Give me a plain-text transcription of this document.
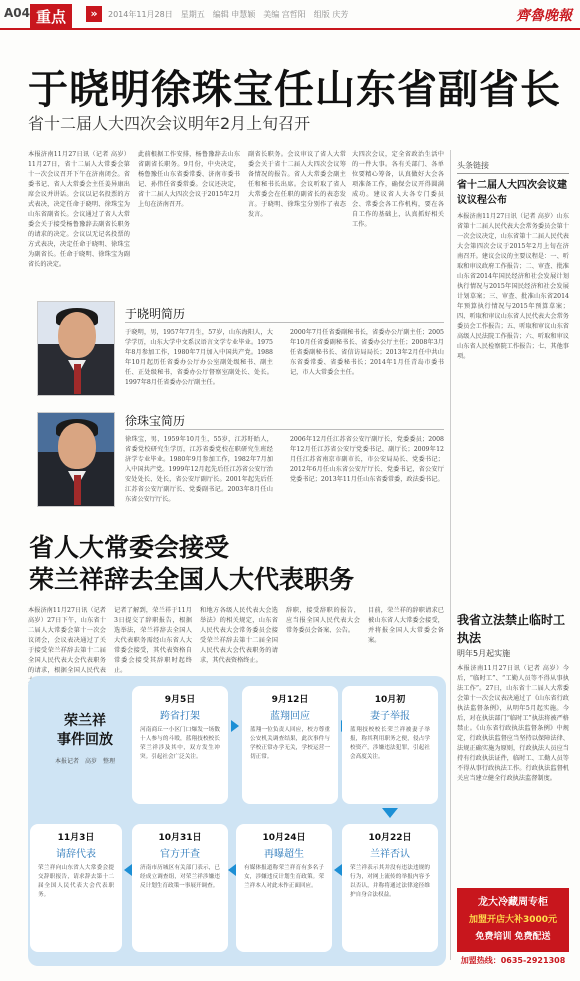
A04 重点	»	2014年11月28日　星期五　编辑 申慧颖　美编 宫哲阳　组版 庆芳	齊魯晚報
于晓明徐珠宝任山东省副省长
省十二届人大四次会议明年2月上旬召开
本报济南11月27日讯（记者 高岁）11月27日，省十二届人大常委会第十一次会议召开下午在济南闭会。省委书记、省人大常委会主任姜异康出席会议并讲话。会议以记名投票的方式表决，决定任命于晓明、徐珠宝为山东省副省长。会议通过了省人大常委会关于接受杨鲁豫辞去副省长职务的请求的决定。会议以无记名投票的方式表决，决定任命于晓明、徐珠宝为副省长。任命于晓明、徐珠宝为副省长的决定。
此前根据工作安排，杨鲁豫辞去山东省副省长职务。9月份，中央决定，杨鲁豫任山东省委常委、济南市委书记、孙伟任省委常委。会议还决定，省十二届人大四次会议于2015年2月上旬在济南召开。
副省长职务。会议审议了省人大常委会关于省十二届人大四次会议筹备情况的报告。省人大常委会副主任和秘书长出席。会议听取了省人大常委会在任职的副省长的表态发言。于晓明、徐珠宝分别作了表态发言。
大四次会议，定全省政治生活中的一件大事。各有关部门、各单位要精心筹备，认真做好大会各项准备工作，确保会议开得圆满成功。建议省人大各专门委员会、常委会各工作机构，要在各自工作的基础上，认真抓好相关工作。
于晓明简历
于晓明，男，1957年7月生，57岁，山东海阳人，大学学历，山东大学中文系汉语言文学专业毕业。1975年8月参加工作，1980年7月加入中国共产党。1988年10月起历任省委办公厅办公室副处级秘书、副主任、正处级秘书，省委办公厅督察室副处长、处长。1997年8月任省委办公厅副主任。
2000年7月任省委副秘书长，省委办公厅副主任；2005年10月任省委副秘书长、省委办公厅主任；2008年3月任省委副秘书长、省信访局局长；2013年2月任中共山东省委常委、省委秘书长；2014年1月任青岛市委书记，市人大常委会主任。
徐珠宝简历
徐珠宝，男，1959年10月生，55岁，江苏盱眙人，省委党校研究生学历，江苏省委党校在职研究生班经济学专业毕业。1980年9月参加工作，1982年7月加入中国共产党。1999年12月起先后任江苏省公安厅治安处处长、处长，省公安厅副厅长。2001年起先后任江苏省公安厅副厅长、党委副书记。2003年8月任山东省公安厅厅长。
2006年12月任江苏省公安厅副厅长，党委委员；2008年12月任江苏省公安厅党委书记、副厅长；2009年12月任江苏省南京市副市长，市公安局局长、党委书记；2012年6月任山东省公安厅厅长、党委书记，省公安厅党委书记；2013年11月任山东省委常委，政法委书记。
省人大常委会接受
荣兰祥辞去全国人大代表职务
本报济南11月27日讯（记者 高岁）27日下午，山东省十二届人大常委会第十一次会议闭会，会议表决通过了关于接受荣兰祥辞去第十二届全国人民代表大会代表职务的请求，根据全国人民代表
记者了解到，荣兰祥于11月3日提交了辞职报告，根据选举法，荣兰祥辞去全国人大代表职务需经山东省人大常委会接受，其代表资格自常委会接受其辞职时起终止。
和地方各级人民代表大会选举法》的相关规定，山东省人民代表大会常务委员会接受荣兰祥辞去第十二届全国人民代表大会代表职务的请求，其代表资格终止。
辞职，接受辞职的报告，应当报全国人民代表大会常务委员会备案、公告。
目前，荣兰祥的辞职请求已被山东省人大常委会接受，并将报全国人大常委会备案。
荣兰祥
事件回放
本报记者　高岁　整理
9月5日
跨省打架
河南商丘一小区门口爆发一场数十人参与的斗殴，蓝翔技校校长荣兰祥涉及其中，双方发生冲突。引起社会广泛关注。
9月12日
蓝翔回应
蓝翔一位负责人回应，校方尊重公安机关调查结果，此次事件与学校正常办学无关，学校运营一切正常。
10月初
妻子举报
蓝翔技校校长荣兰祥被妻子举报，称其利用职务之便，侵占学校资产，涉嫌违法犯罪，引起社会高度关注。
10月22日
兰祥否认
荣兰祥表示其并没有违法违规的行为，对网上流传的举报内容予以否认，并称将通过法律途径维护自身合法权益。
10月24日
再曝超生
有媒体报道称荣兰祥育有多名子女，涉嫌违反计划生育政策。荣兰祥本人对此未作正面回应。
10月31日
官方开查
济南市历城区有关部门表示，已经成立调查组，对荣兰祥涉嫌违反计划生育政策一事展开调查。
11月3日
请辞代表
荣兰祥向山东省人大常委会提交辞职报告，请求辞去第十二届全国人民代表大会代表职务。
头条链接
省十二届人大四次会议建议议程公布
本报济南11月27日讯（记者 高岁）山东省第十二届人民代表大会常务委员会第十一次会议决定，山东省第十二届人民代表大会第四次会议于2015年2月上旬在济南召开。建议会议的主要议程是：一、听取和审议政府工作报告；二、审查、批准山东省2014年国民经济和社会发展计划执行情况与2015年国民经济和社会发展计划草案；三、审查、批准山东省2014年预算执行情况与2015年预算草案；四、听取和审议山东省人民代表大会常务委员会工作报告；五、听取和审议山东省高级人民法院工作报告；六、听取和审议山东省人民检察院工作报告；七、其他事项。
我省立法禁止临时工执法
明年5月起实施
本报济南11月27日讯（记者 高岁）今后，“临时工”、“工勤人员等不得从事执法工作”。27日，山东省十二届人大常委会第十一次会议表决通过了《山东省行政执法监督条例》，从明年5月起实施。今后，对在执法部门“临时工”执法将被严格禁止。《山东省行政执法监督条例》中规定，行政执法监督应当坚持以保障法律、法规正确实施为原则，行政执法人员应当持有行政执法证件，临时工、工勤人员等不得从事行政执法工作。行政执法监督机关应当建立健全行政执法监督制度。
龙大冷藏周专柜
加盟开店大补3000元
免费培训 免费配送
加盟热线：0635-2921308
